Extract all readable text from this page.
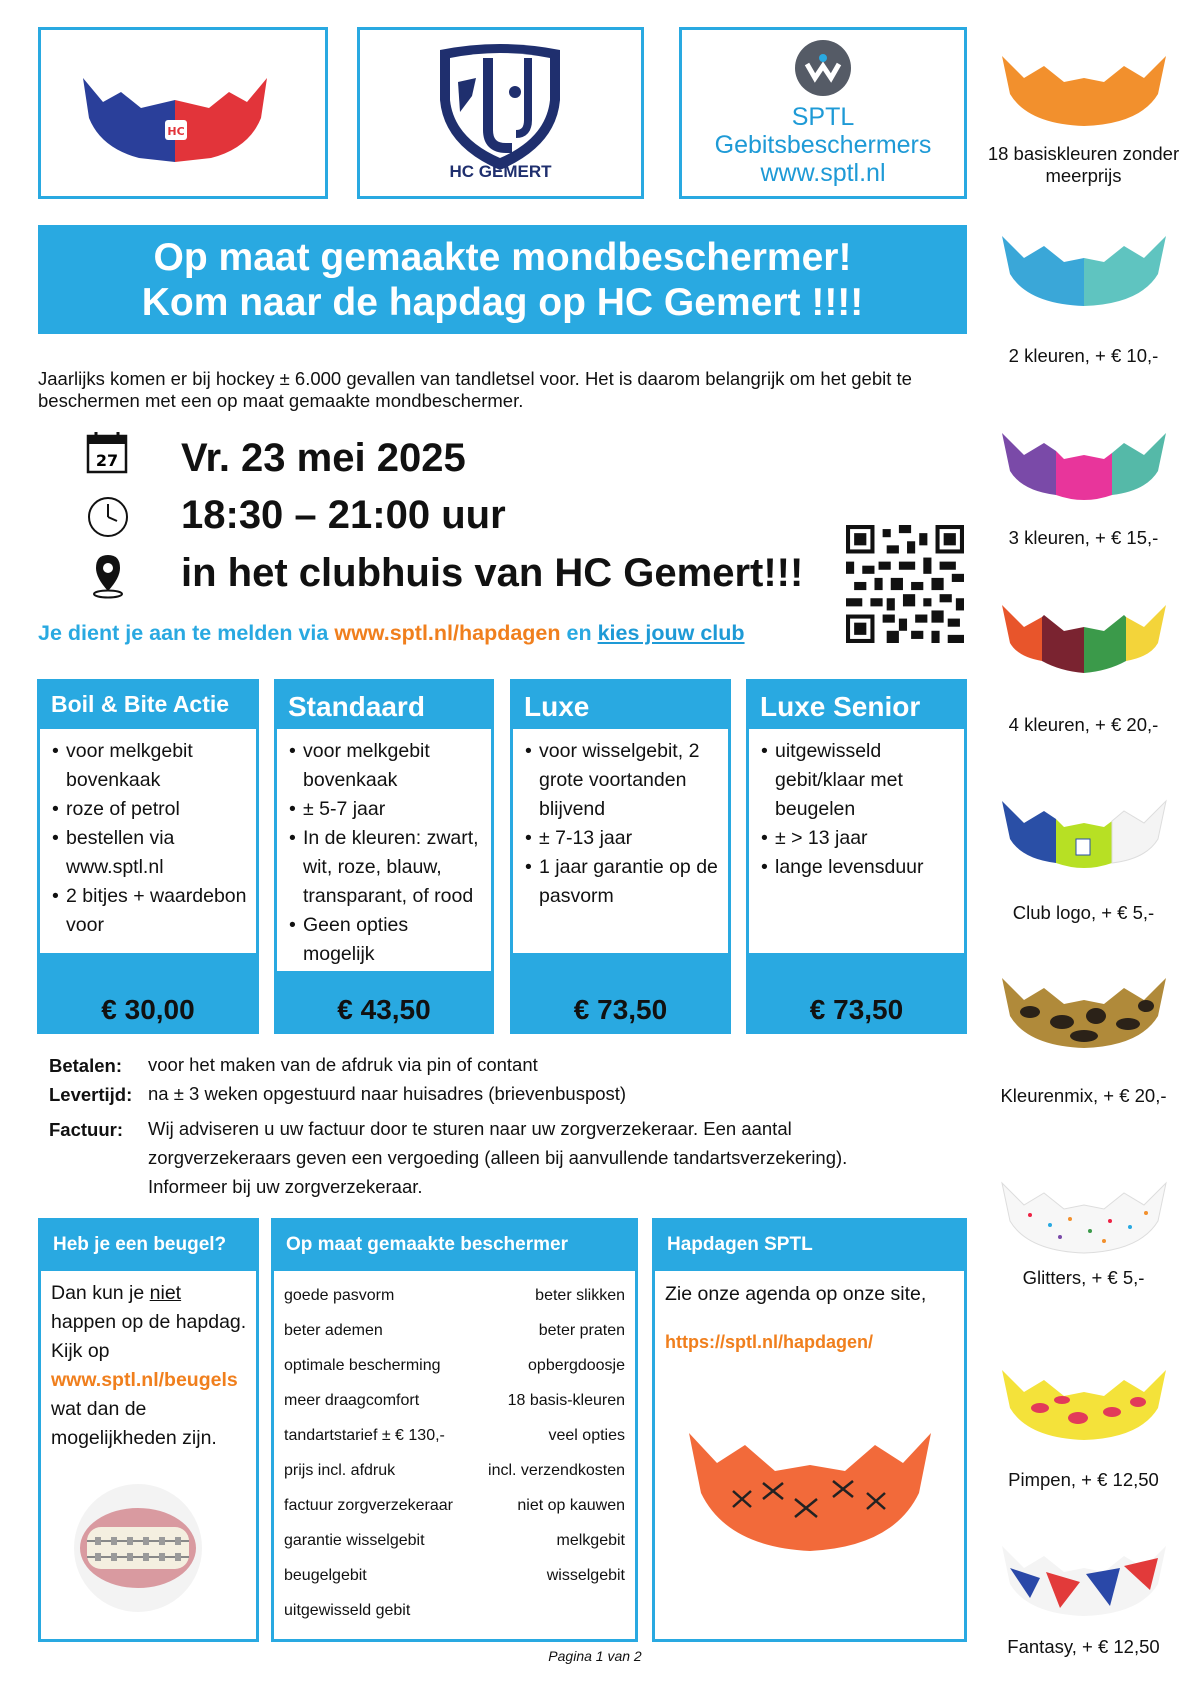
HC
HC GEMERT
SPTL
Gebitsbeschermers
www.sptl.nl
Op maat gemaakte mondbeschermer!
Kom naar de hapdag op HC Gemert !!!!
Jaarlijks komen er bij hockey ± 6.000 gevallen van tandletsel voor. Het is daarom belangrijk om het gebit te beschermen met een op maat gemaakte mondbeschermer.
27 Vr. 23 mei 2025
18:30 – 21:00 uur
in het clubhuis van HC Gemert!!!
Je dient je aan te melden via www.sptl.nl/hapdagen en kies jouw club
Boil & Bite Actie
• voor melkgebit bovenkaak
• roze of petrol
• bestellen via www.sptl.nl
• 2 bitjes + waardebon voor
€ 30,00
Standaard
• voor melkgebit bovenkaak
• ± 5-7 jaar
• In de kleuren: zwart, wit, roze, blauw, transparant, of rood
• Geen opties mogelijk
€ 43,50
Luxe
• voor wisselgebit, 2 grote voortanden blijvend
• ± 7-13 jaar
• 1 jaar garantie op de pasvorm
€ 73,50
Luxe Senior
• uitgewisseld gebit/klaar met beugelen
• ± > 13 jaar
• lange levensduur
€ 73,50
Betalen: voor het maken van de afdruk via pin of contant
Levertijd: na ± 3 weken opgestuurd naar huisadres (brievenbuspost)
Factuur: Wij adviseren u uw factuur door te sturen naar uw zorgverzekeraar. Een aantal zorgverzekeraars geven een vergoeding (alleen bij aanvullende tandartsverzekering). Informeer bij uw zorgverzekeraar.
Heb je een beugel?
Dan kun je niet happen op de hapdag. Kijk op
www.sptl.nl/beugels
wat dan de mogelijkheden zijn.
Op maat gemaakte beschermer
goede pasvorm	beter slikken
beter ademen	beter praten
optimale bescherming	opbergdoosje
meer draagcomfort	18 basis-kleuren
tandartstarief ± € 130,-	veel opties
prijs incl. afdruk	incl. verzendkosten
factuur zorgverzekeraar	niet op kauwen
garantie wisselgebit	melkgebit
beugelgebit	wisselgebit
uitgewisseld gebit
Hapdagen SPTL
Zie onze agenda op onze site,
https://sptl.nl/hapdagen/
18 basiskleuren zonder meerprijs
2 kleuren, + € 10,-
3 kleuren, + € 15,-
4 kleuren, + € 20,-
Club logo, + € 5,-
Kleurenmix, + € 20,-
Glitters, + € 5,-
Pimpen, + € 12,50
Fantasy, + € 12,50
Pagina 1 van 2
